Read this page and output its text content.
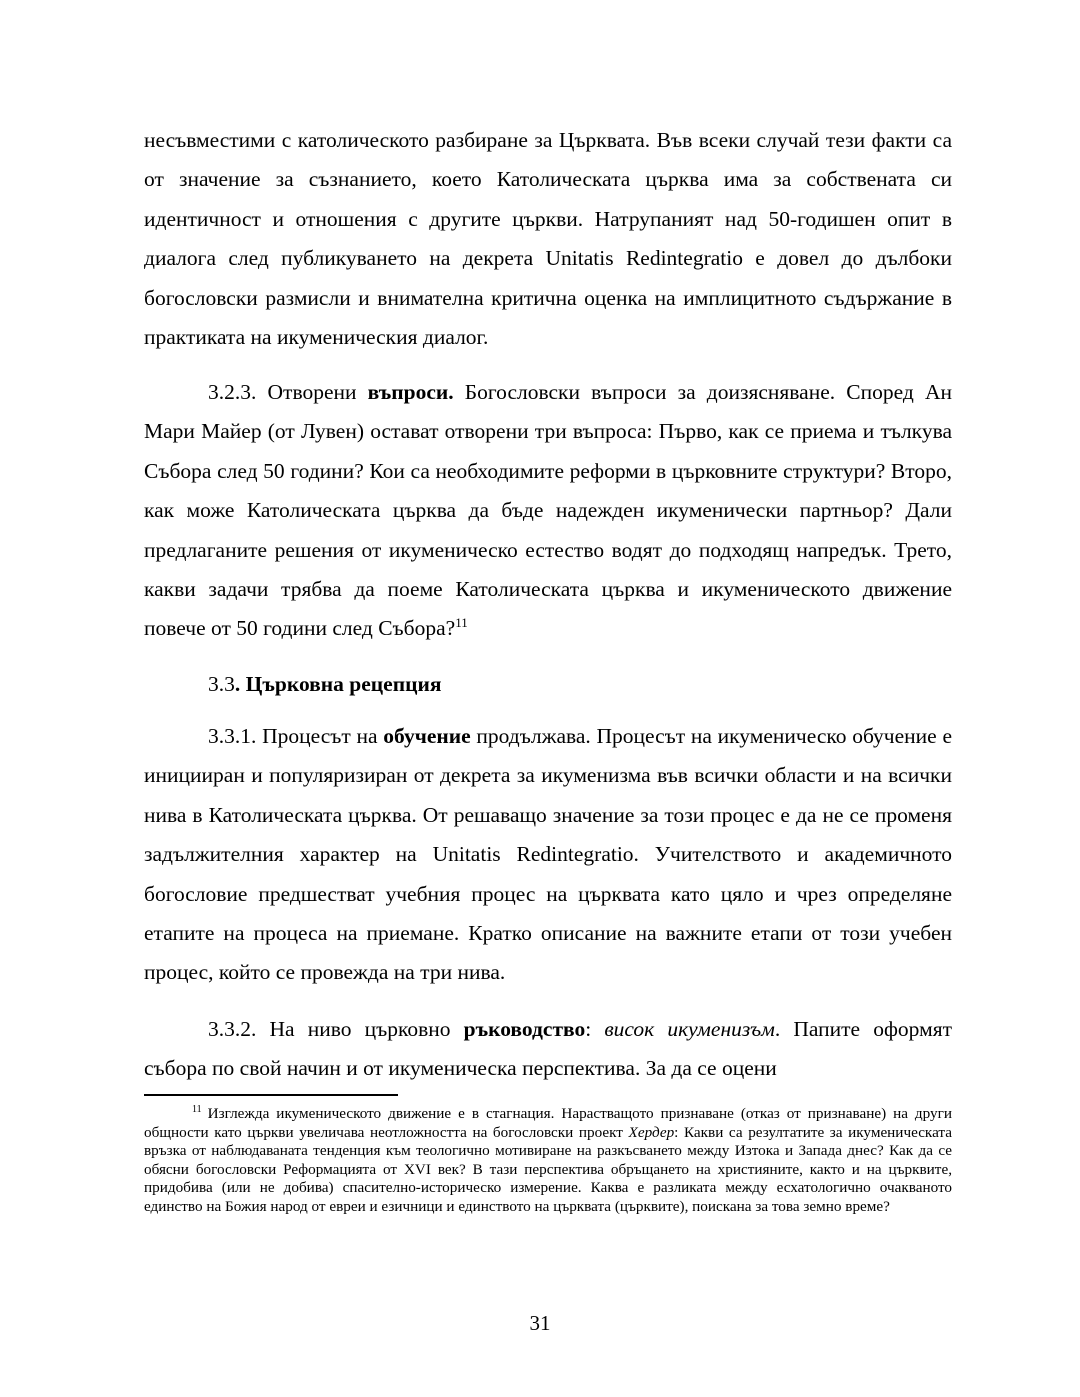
несъвместими с католическото разбиране за Църквата. Във всеки случай тези факти са от значение за съзнанието, което Католическата църква има за собствената си идентичност и отношения с другите църкви. Натрупаният над 50-годишен опит в диалога след публикуването на декрета Unitatis Redintegratio е довел до дълбоки богословски размисли и внимателна критична оценка на имплицитното съдържание в практиката на икуменическия диалог.

3.2.3. Отворени въпроси. Богословски въпроси за доизясняване. Според Ан Мари Майер (от Лувен) остават отворени три въпроса: Първо, как се приема и тълкува Събора след 50 години? Кои са необходимите реформи в църковните структури? Второ, как може Католическата църква да бъде надежден икуменически партньор? Дали предлаганите решения от икуменическо естество водят до подходящ напредък. Трето, какви задачи трябва да поеме Католическата църква и икуменическото движение повече от 50 години след Събора?$^{11}$

3.3. Църковна рецепция

3.3.1. Процесът на обучение продължава. Процесът на икуменическо обучение е иницииран и популяризиран от декрета за икуменизма във всички области и на всички нива в Католическата църква. От решаващо значение за този процес е да не се променя задължителния характер на Unitatis Redintegratio. Учителството и академичното богословие предшестват учебния процес на църквата като цяло и чрез определяне етапите на процеса на приемане. Кратко описание на важните етапи от този учебен процес, който се провежда на три нива.

3.3.2. На ниво църковно ръководство: висок икуменизъм. Папите оформят събора по свой начин и от икуменическа перспектива. За да се оцени

$^{11}$ Изглежда икуменическото движение е в стагнация. Нарастващото признаване (отказ от признаване) на други общности като църкви увеличава неотложността на богословски проект Хердер: Какви са резултатите за икуменическата връзка от наблюдаваната тенденция към теологично мотивиране на разкъсването между Изтока и Запада днес? Как да се обясни богословски Реформацията от XVI век? В тази перспектива обръщането на християните, както и на църквите, придобива (или не добива) спасително-историческо измерение. Каква е разликата между есхатологично очакваното единство на Божия народ от евреи и езичници и единството на църквата (църквите), поискана за това земно време?

31
